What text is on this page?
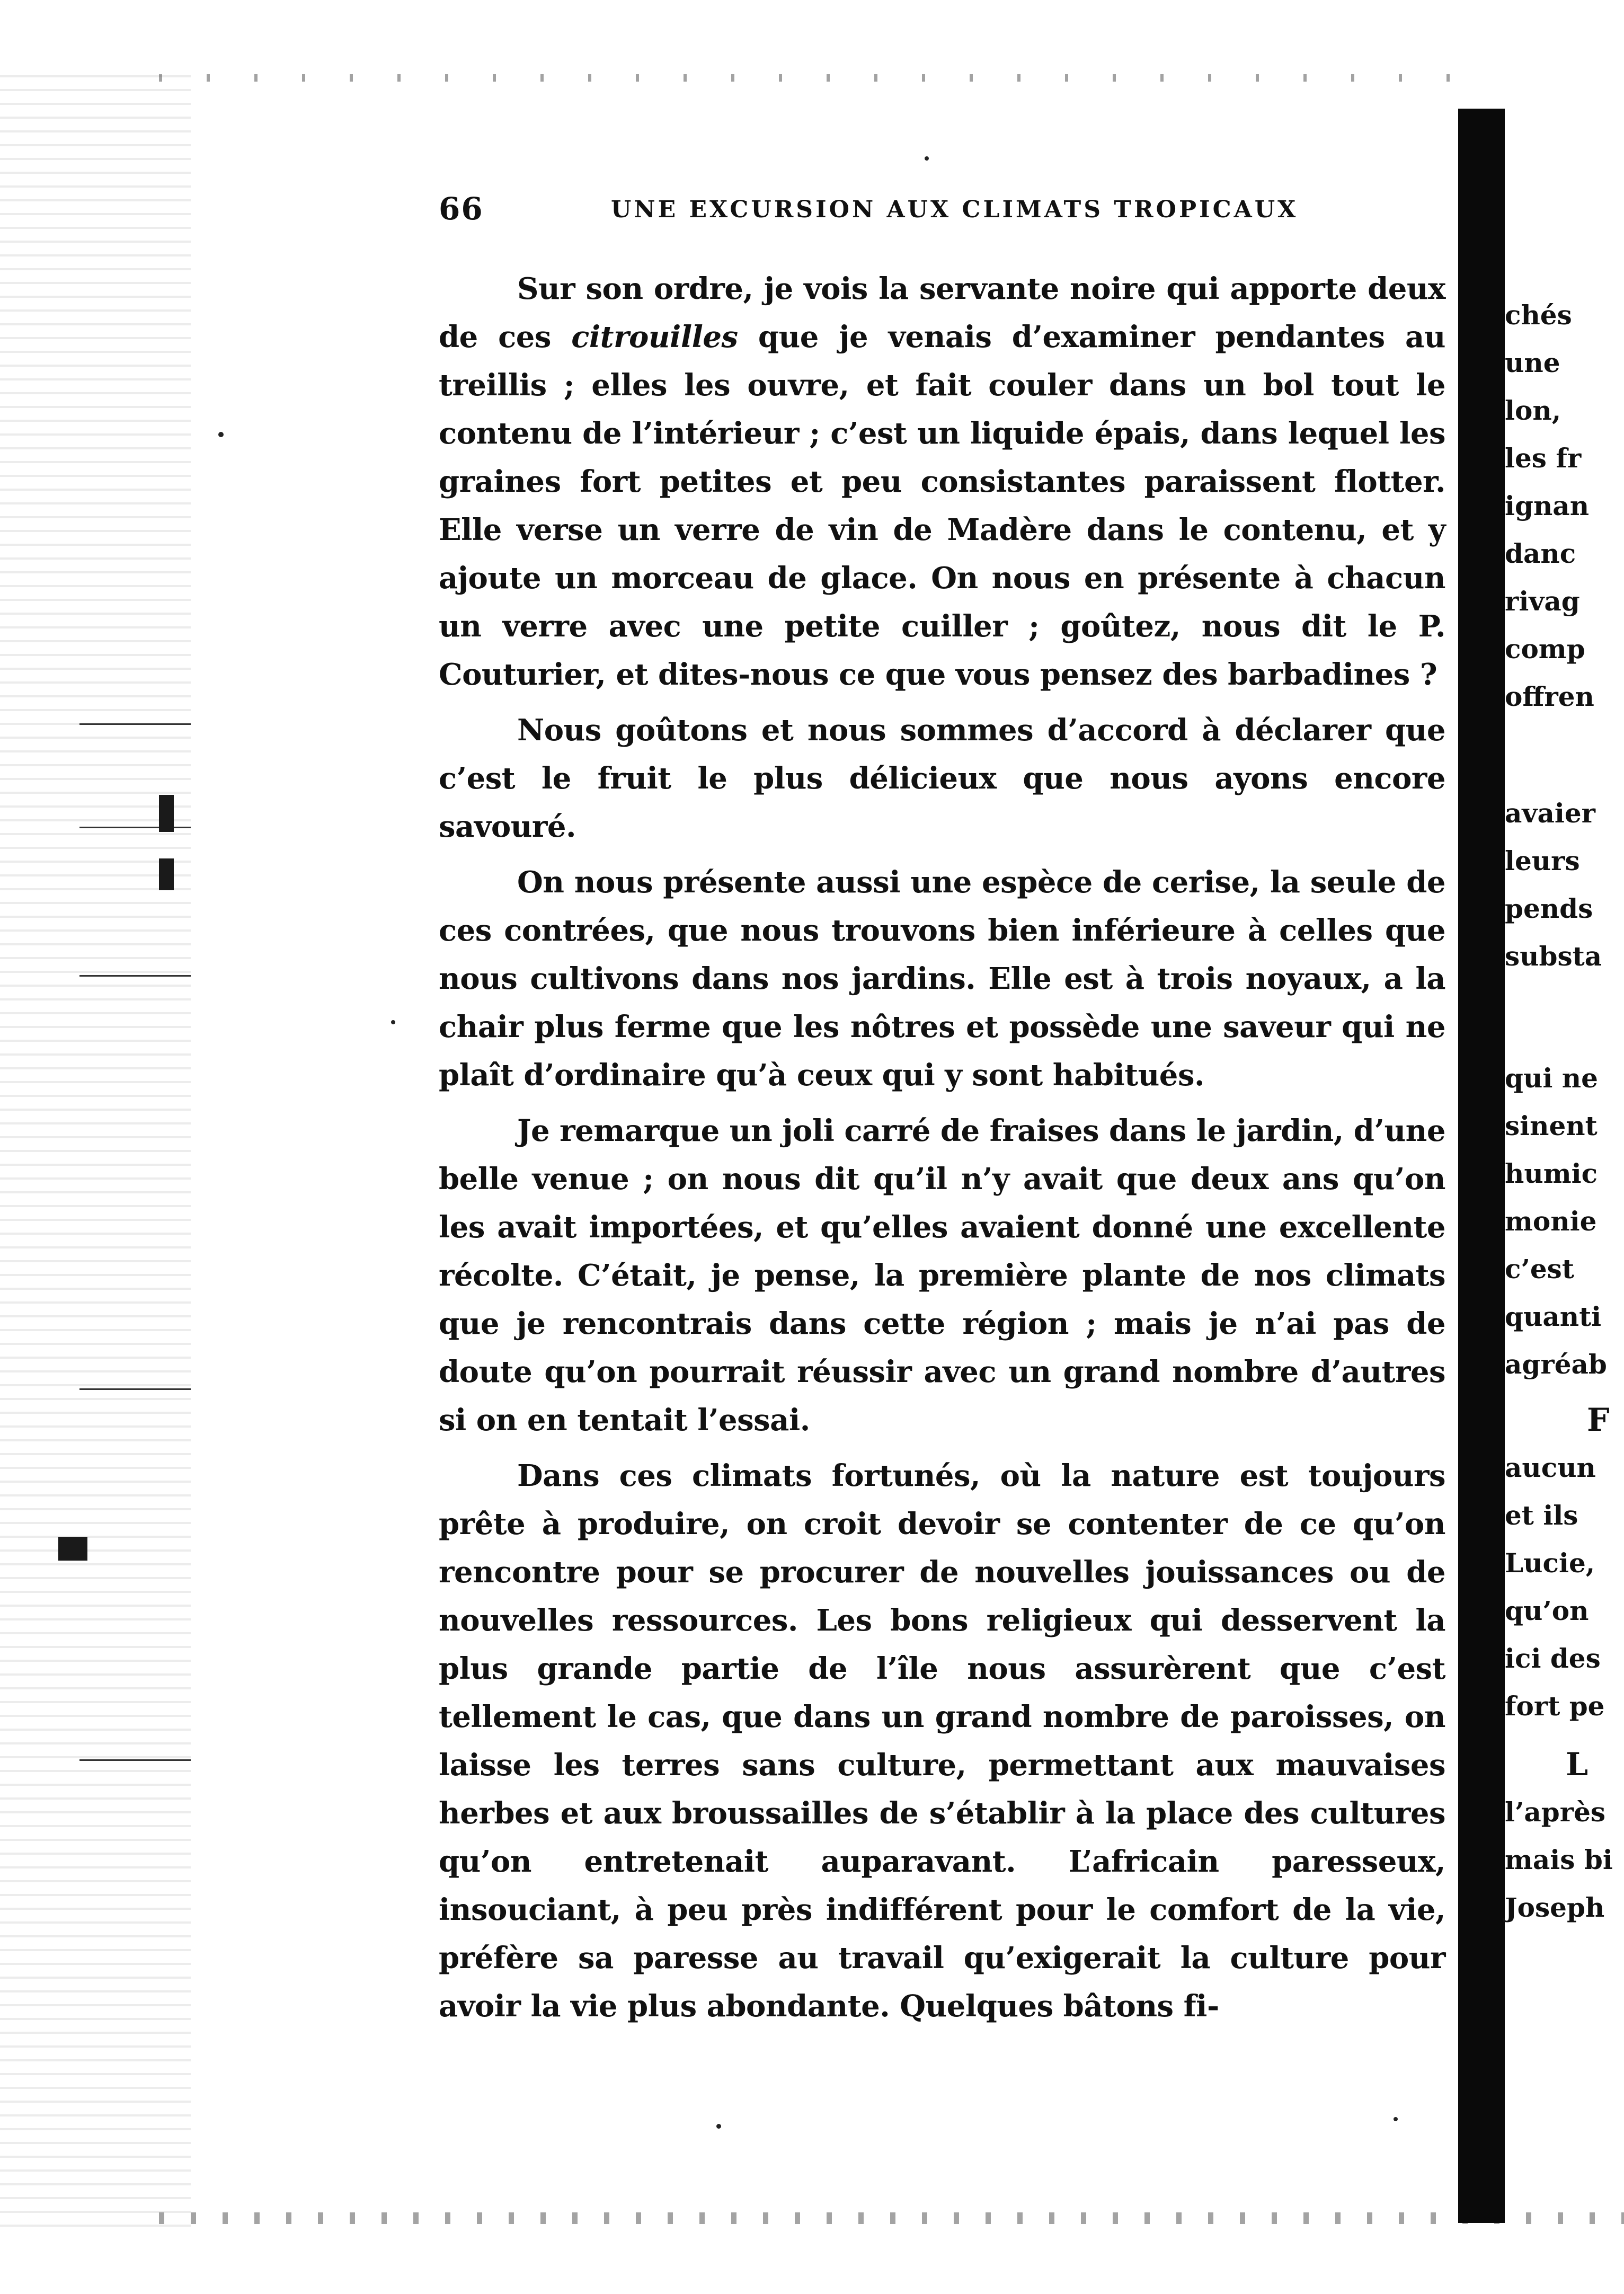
66	UNE EXCURSION AUX CLIMATS TROPICAUX

Sur son ordre, je vois la servante noire qui apporte deux de ces citrouilles que je venais d’examiner pendantes au treillis ; elles les ouvre, et fait couler dans un bol tout le contenu de l’intérieur ; c’est un liquide épais, dans lequel les graines fort petites et peu consistantes paraissent flotter. Elle verse un verre de vin de Madère dans le contenu, et y ajoute un morceau de glace. On nous en présente à chacun un verre avec une petite cuiller ; goûtez, nous dit le P. Couturier, et dites-nous ce que vous pensez des barbadines ?

Nous goûtons et nous sommes d’accord à déclarer que c’est le fruit le plus délicieux que nous ayons encore savouré.

On nous présente aussi une espèce de cerise, la seule de ces contrées, que nous trouvons bien inférieure à celles que nous cultivons dans nos jardins. Elle est à trois noyaux, a la chair plus ferme que les nôtres et possède une saveur qui ne plaît d’ordinaire qu’à ceux qui y sont habitués.

Je remarque un joli carré de fraises dans le jardin, d’une belle venue ; on nous dit qu’il n’y avait que deux ans qu’on les avait importées, et qu’elles avaient donné une excellente récolte. C’était, je pense, la première plante de nos climats que je rencontrais dans cette région ; mais je n’ai pas de doute qu’on pourrait réussir avec un grand nombre d’autres si on en tentait l’essai.

Dans ces climats fortunés, où la nature est toujours prête à produire, on croit devoir se contenter de ce qu’on rencontre pour se procurer de nouvelles jouissances ou de nouvelles ressources. Les bons religieux qui desservent la plus grande partie de l’île nous assurèrent que c’est tellement le cas, que dans un grand nombre de paroisses, on laisse les terres sans culture, permettant aux mauvaises herbes et aux broussailles de s’établir à la place des cultures qu’on entretenait auparavant. L’africain paresseux, insouciant, à peu près indifférent pour le comfort de la vie, préfère sa paresse au travail qu’exigerait la culture pour avoir la vie plus abondante. Quelques bâtons fi-

chés
une
lon,
les fr
ignan
danc
rivag
comp
offren
avaier
leurs
pends
substa
qui ne
sinent
humic
monie
c’est
quanti
agréab
F
aucun
et ils
Lucie,
qu’on
ici des
fort pe
L
l’après
mais bi
Joseph
